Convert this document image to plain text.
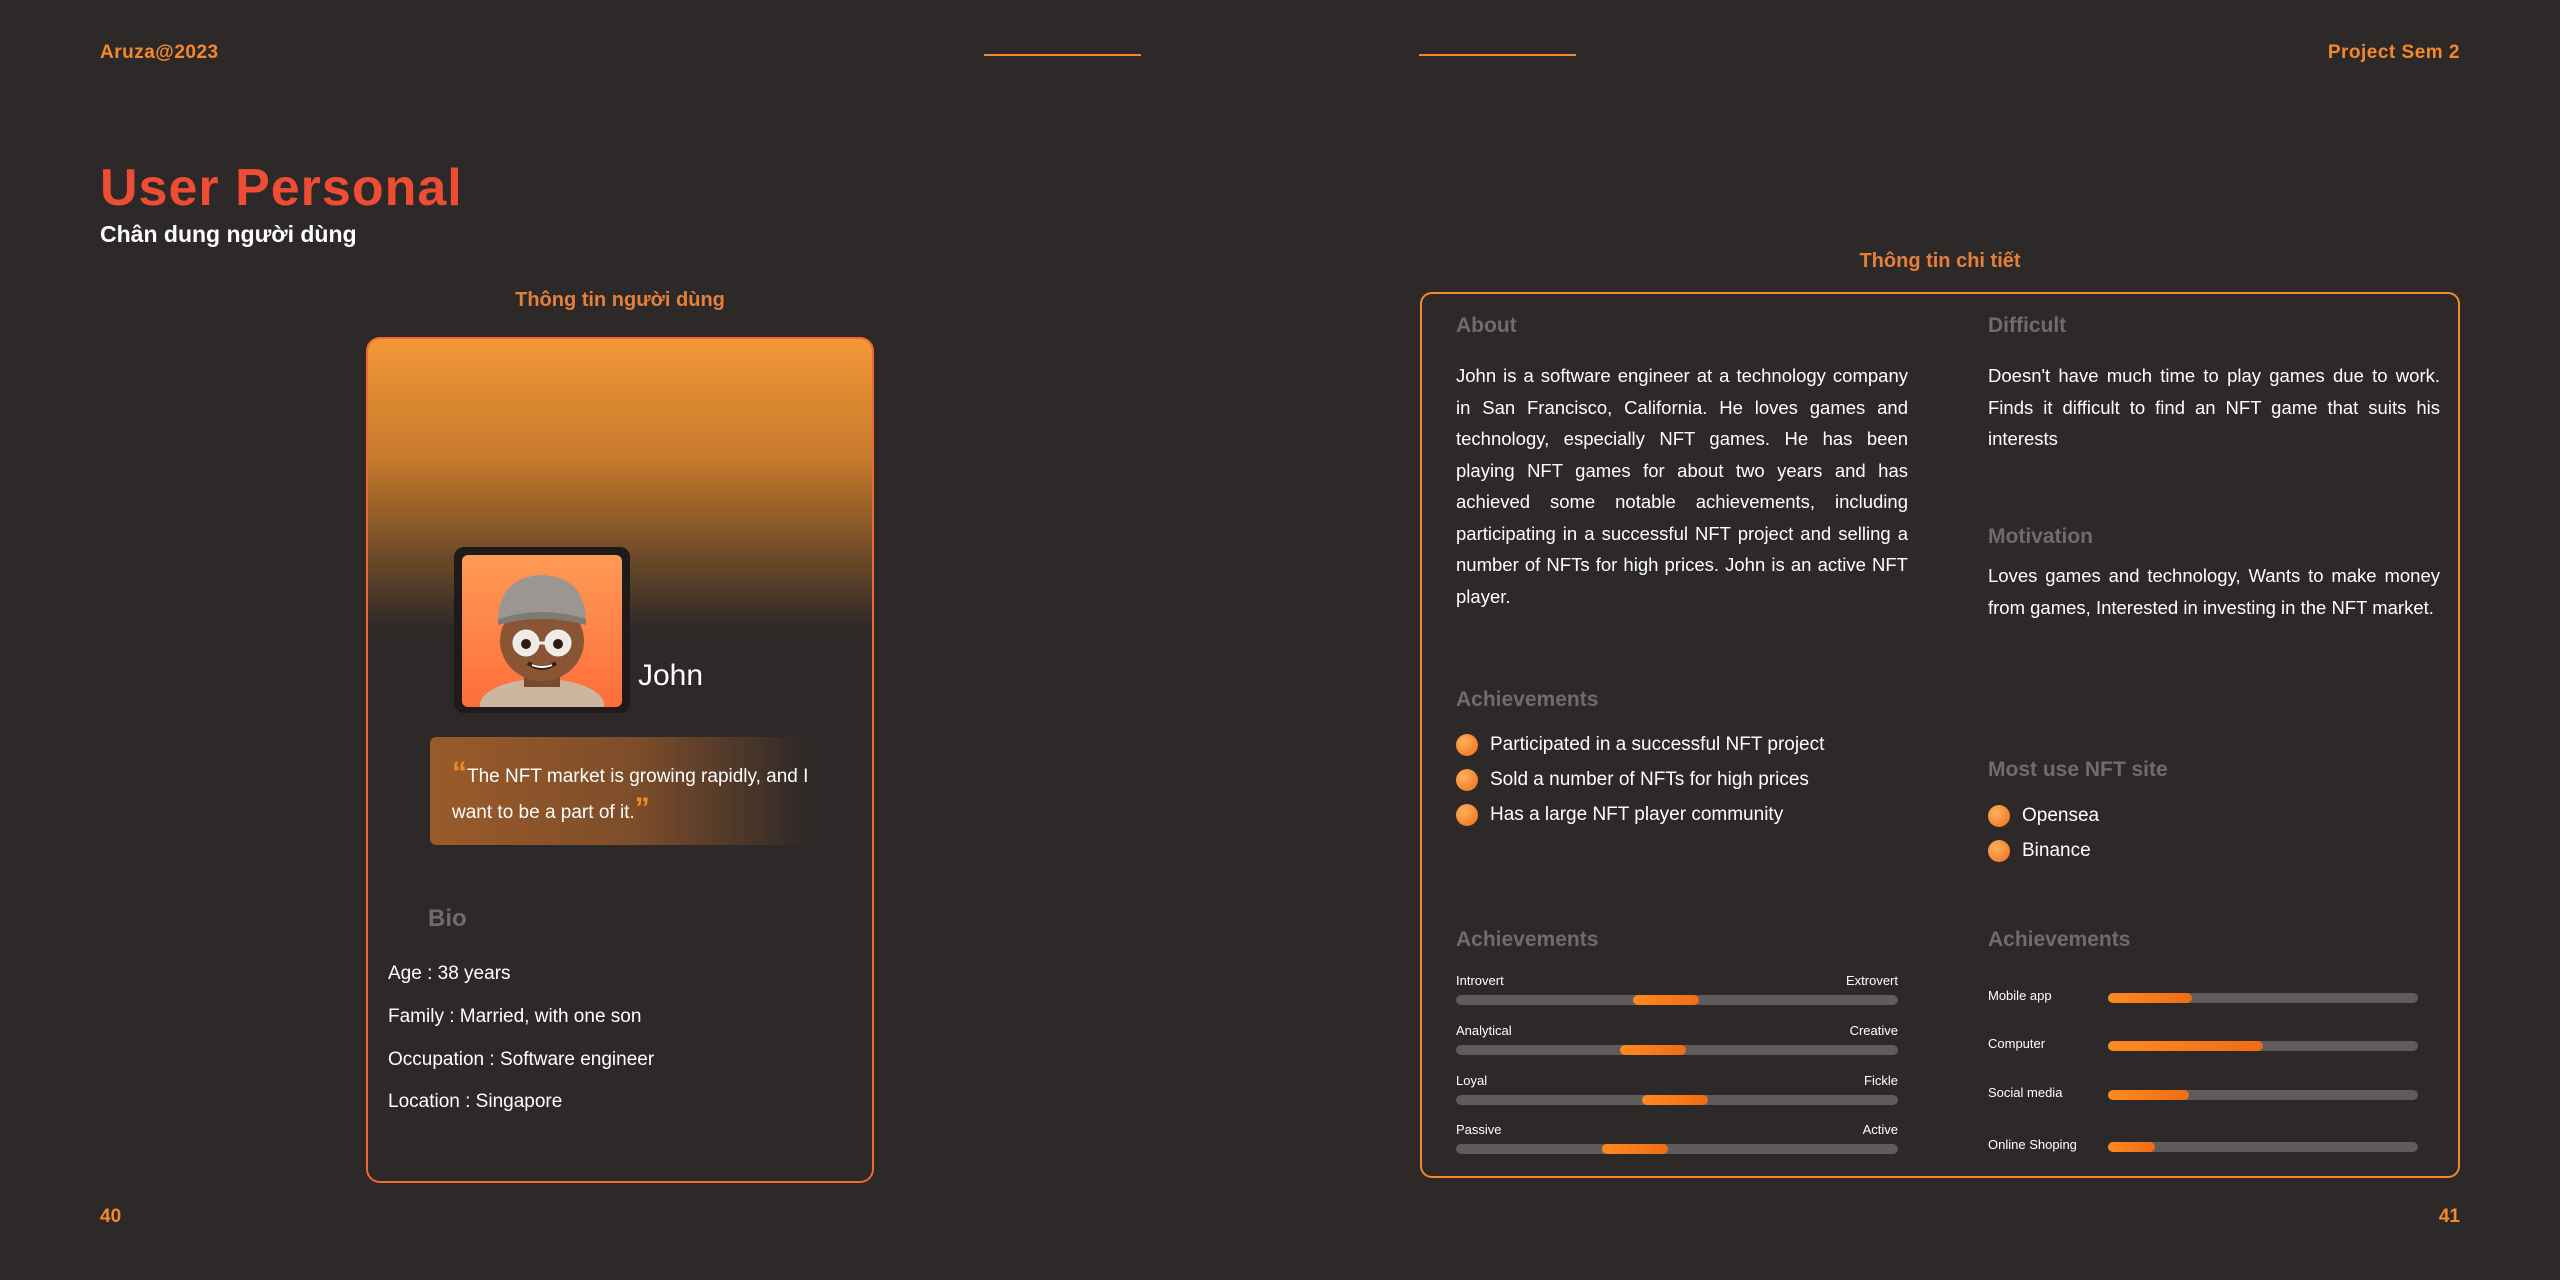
Aruza@2023	Project Sem 2
User Personal
Chân dung người dùng
Thông tin người dùng
John
“The NFT market is growing rapidly, and I want to be a part of it.”
Bio
Age : 38 years
Family : Married, with one son
Occupation : Software engineer
Location : Singapore
Thông tin chi tiết
About
John is a software engineer at a technology company in San Francisco, California. He loves games and technology, especially NFT games. He has been playing NFT games for about two years and has achieved some notable achievements, including participating in a successful NFT project and selling a number of NFTs for high prices. John is an active NFT player.
Difficult
Doesn't have much time to play games due to work. Finds it difficult to find an NFT game that suits his interests
Motivation
Loves games and technology, Wants to make money from games, Interested in investing in the NFT market.
Achievements
Participated in a successful NFT project
Sold a number of NFTs for high prices
Has a large NFT player community
Most use NFT site
Opensea
Binance
Achievements
Introvert	Extrovert
Analytical	Creative
Loyal	Fickle
Passive	Active
Achievements
Mobile app
Computer
Social media
Online Shoping
40	41
